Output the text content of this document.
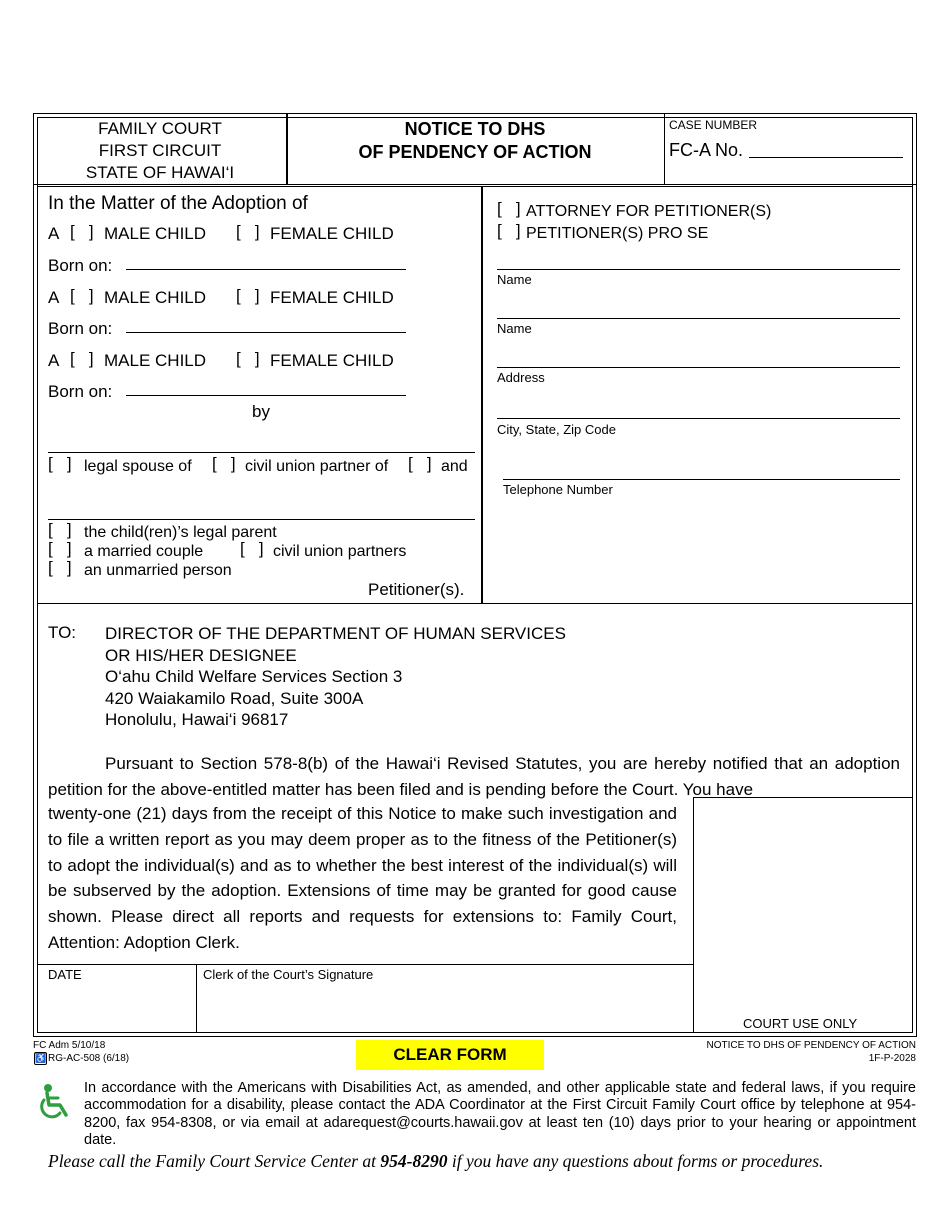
FAMILY COURT
FIRST CIRCUIT
STATE OF HAWAI‘I
NOTICE TO DHS
OF PENDENCY OF ACTION
CASE NUMBER
FC-A No.
In the Matter of the Adoption of
A [   ] MALE CHILD [   ] FEMALE CHILD
Born on:
A [   ] MALE CHILD [   ] FEMALE CHILD
Born on:
A [   ] MALE CHILD [   ] FEMALE CHILD
Born on:
by
[   ] legal spouse of [   ] civil union partner of [   ] and
[   ] the child(ren)’s legal parent
[   ] a married couple [   ] civil union partners
[   ] an unmarried person
Petitioner(s).
[   ] ATTORNEY FOR PETITIONER(S)
[   ] PETITIONER(S) PRO SE
Name
Name
Address
City, State, Zip Code
Telephone Number
TO: DIRECTOR OF THE DEPARTMENT OF HUMAN SERVICES
OR HIS/HER DESIGNEE
O‘ahu Child Welfare Services Section 3
420 Waiakamilo Road, Suite 300A
Honolulu, Hawai‘i 96817
Pursuant to Section 578-8(b) of the Hawai‘i Revised Statutes, you are hereby notified that an adoption petition for the above-entitled matter has been filed and is pending before the Court. You have
twenty-one (21) days from the receipt of this Notice to make such investigation and to file a written report as you may deem proper as to the fitness of the Petitioner(s) to adopt the individual(s) and as to whether the best interest of the individual(s) will be subserved by the adoption. Extensions of time may be granted for good cause shown. Please direct all reports and requests for extensions to: Family Court, Attention: Adoption Clerk.
COURT USE ONLY
DATE	Clerk of the Court’s Signature
FC Adm 5/10/18
♿ RG-AC-508 (6/18)	CLEAR FORM	NOTICE TO DHS OF PENDENCY OF ACTION
1F-P-2028
In accordance with the Americans with Disabilities Act, as amended, and other applicable state and federal laws, if you require accommodation for a disability, please contact the ADA Coordinator at the First Circuit Family Court office by telephone at 954-8200, fax 954-8308, or via email at adarequest@courts.hawaii.gov at least ten (10) days prior to your hearing or appointment date.
Please call the Family Court Service Center at 954-8290 if you have any questions about forms or procedures.
